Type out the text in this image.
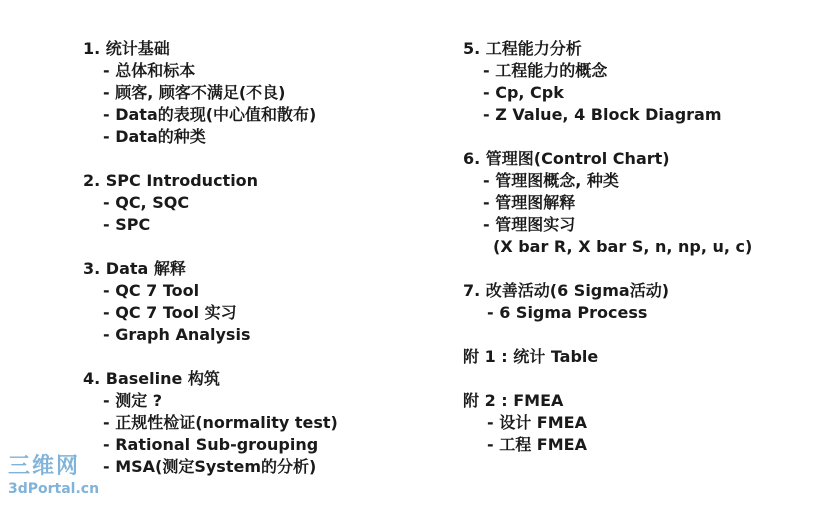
1. 统计基础
- 总体和标本
- 顾客, 顾客不满足(不良)
- Data的表现(中心值和散布)
- Data的种类
2. SPC Introduction
- QC, SQC
- SPC
3. Data 解释
- QC 7 Tool
- QC 7 Tool 实习
- Graph Analysis
4. Baseline 构筑
- 测定 ?
- 正规性检证(normality test)
- Rational Sub-grouping
- MSA(测定System的分析)
5. 工程能力分析
- 工程能力的概念
- Cp, Cpk
- Z Value, 4 Block Diagram
6. 管理图(Control Chart)
- 管理图概念, 种类
- 管理图解释
- 管理图实习
(X bar R, X bar S, n, np, u, c)
7. 改善活动(6 Sigma活动)
- 6 Sigma Process
附 1 : 统计 Table
附 2 : FMEA
- 设计 FMEA
- 工程 FMEA
三维网
3dPortal.cn
